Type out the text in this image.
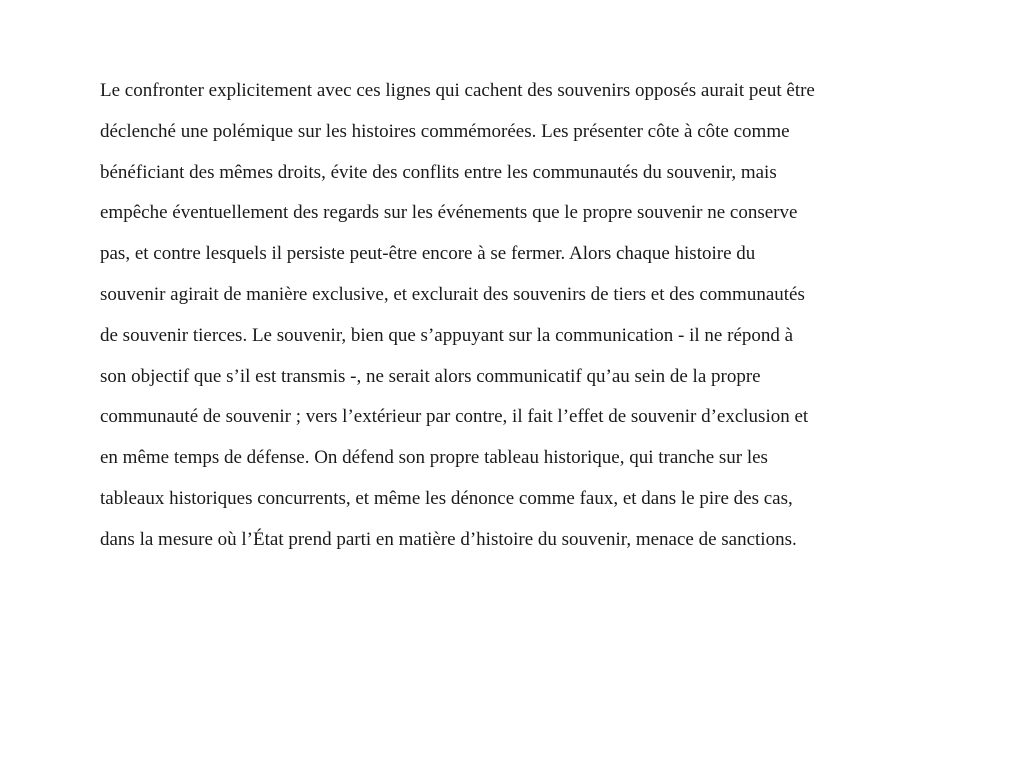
Le confronter explicitement avec ces lignes qui cachent des souvenirs opposés aurait peut être
déclenché une polémique sur les histoires commémorées. Les présenter côte à côte comme
bénéficiant des mêmes droits, évite des conflits entre les communautés du souvenir, mais
empêche éventuellement des regards sur les événements que le propre souvenir ne conserve
pas, et contre lesquels il persiste peut-être encore à se fermer. Alors chaque histoire du
souvenir agirait de manière exclusive, et exclurait des souvenirs de tiers et des communautés
de souvenir tierces. Le souvenir, bien que s’appuyant sur la communication - il ne répond à
son objectif que s’il est transmis -, ne serait alors communicatif qu’au sein de la propre
communauté de souvenir ; vers l’extérieur par contre, il fait l’effet de souvenir d’exclusion et
en même temps de défense. On défend son propre tableau historique, qui tranche sur les
tableaux historiques concurrents, et même les dénonce comme faux, et dans le pire des cas,
dans la mesure où l’État prend parti en matière d’histoire du souvenir, menace de sanctions.
